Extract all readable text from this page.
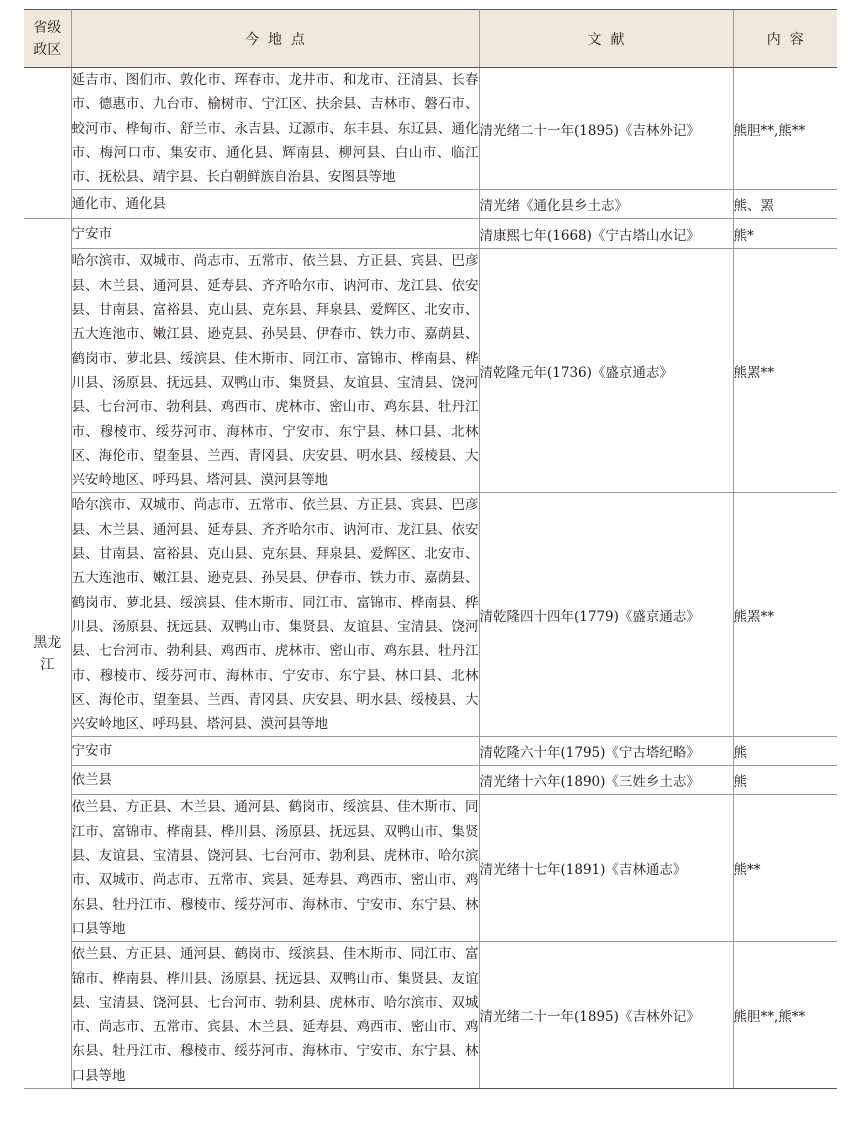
省级
政区	今  地  点	文  献	内  容
	延吉市、图们市、敦化市、珲春市、龙井市、和龙市、汪清县、长春市、德惠市、九台市、榆树市、宁江区、扶余县、吉林市、磐石市、蛟河市、桦甸市、舒兰市、永吉县、辽源市、东丰县、东辽县、通化市、梅河口市、集安市、通化县、辉南县、柳河县、白山市、临江市、抚松县、靖宇县、长白朝鲜族自治县、安图县等地	清光绪二十一年(1895)《吉林外记》	熊胆**,熊**
	通化市、通化县	清光绪《通化县乡土志》	熊、罴

黑龙
江	宁安市	清康熙七年(1668)《宁古塔山水记》	熊*
	哈尔滨市、双城市、尚志市、五常市、依兰县、方正县、宾县、巴彦县、木兰县、通河县、延寿县、齐齐哈尔市、讷河市、龙江县、依安县、甘南县、富裕县、克山县、克东县、拜泉县、爱辉区、北安市、五大连池市、嫩江县、逊克县、孙吴县、伊春市、铁力市、嘉荫县、鹤岗市、萝北县、绥滨县、佳木斯市、同江市、富锦市、桦南县、桦川县、汤原县、抚远县、双鸭山市、集贤县、友谊县、宝清县、饶河县、七台河市、勃利县、鸡西市、虎林市、密山市、鸡东县、牡丹江市、穆棱市、绥芬河市、海林市、宁安市、东宁县、林口县、北林区、海伦市、望奎县、兰西、青冈县、庆安县、明水县、绥棱县、大兴安岭地区、呼玛县、塔河县、漠河县等地	清乾隆元年(1736)《盛京通志》	熊罴**
	哈尔滨市、双城市、尚志市、五常市、依兰县、方正县、宾县、巴彦县、木兰县、通河县、延寿县、齐齐哈尔市、讷河市、龙江县、依安县、甘南县、富裕县、克山县、克东县、拜泉县、爱辉区、北安市、五大连池市、嫩江县、逊克县、孙吴县、伊春市、铁力市、嘉荫县、鹤岗市、萝北县、绥滨县、佳木斯市、同江市、富锦市、桦南县、桦川县、汤原县、抚远县、双鸭山市、集贤县、友谊县、宝清县、饶河县、七台河市、勃利县、鸡西市、虎林市、密山市、鸡东县、牡丹江市、穆棱市、绥芬河市、海林市、宁安市、东宁县、林口县、北林区、海伦市、望奎县、兰西、青冈县、庆安县、明水县、绥棱县、大兴安岭地区、呼玛县、塔河县、漠河县等地	清乾隆四十四年(1779)《盛京通志》	熊罴**
	宁安市	清乾隆六十年(1795)《宁古塔纪略》	熊
	依兰县	清光绪十六年(1890)《三姓乡土志》	熊
	依兰县、方正县、木兰县、通河县、鹤岗市、绥滨县、佳木斯市、同江市、富锦市、桦南县、桦川县、汤原县、抚远县、双鸭山市、集贤县、友谊县、宝清县、饶河县、七台河市、勃利县、虎林市、哈尔滨市、双城市、尚志市、五常市、宾县、延寿县、鸡西市、密山市、鸡东县、牡丹江市、穆棱市、绥芬河市、海林市、宁安市、东宁县、林口县等地	清光绪十七年(1891)《吉林通志》	熊**
	依兰县、方正县、通河县、鹤岗市、绥滨县、佳木斯市、同江市、富锦市、桦南县、桦川县、汤原县、抚远县、双鸭山市、集贤县、友谊县、宝清县、饶河县、七台河市、勃利县、虎林市、哈尔滨市、双城市、尚志市、五常市、宾县、木兰县、延寿县、鸡西市、密山市、鸡东县、牡丹江市、穆棱市、绥芬河市、海林市、宁安市、东宁县、林口县等地	清光绪二十一年(1895)《吉林外记》	熊胆**,熊**
